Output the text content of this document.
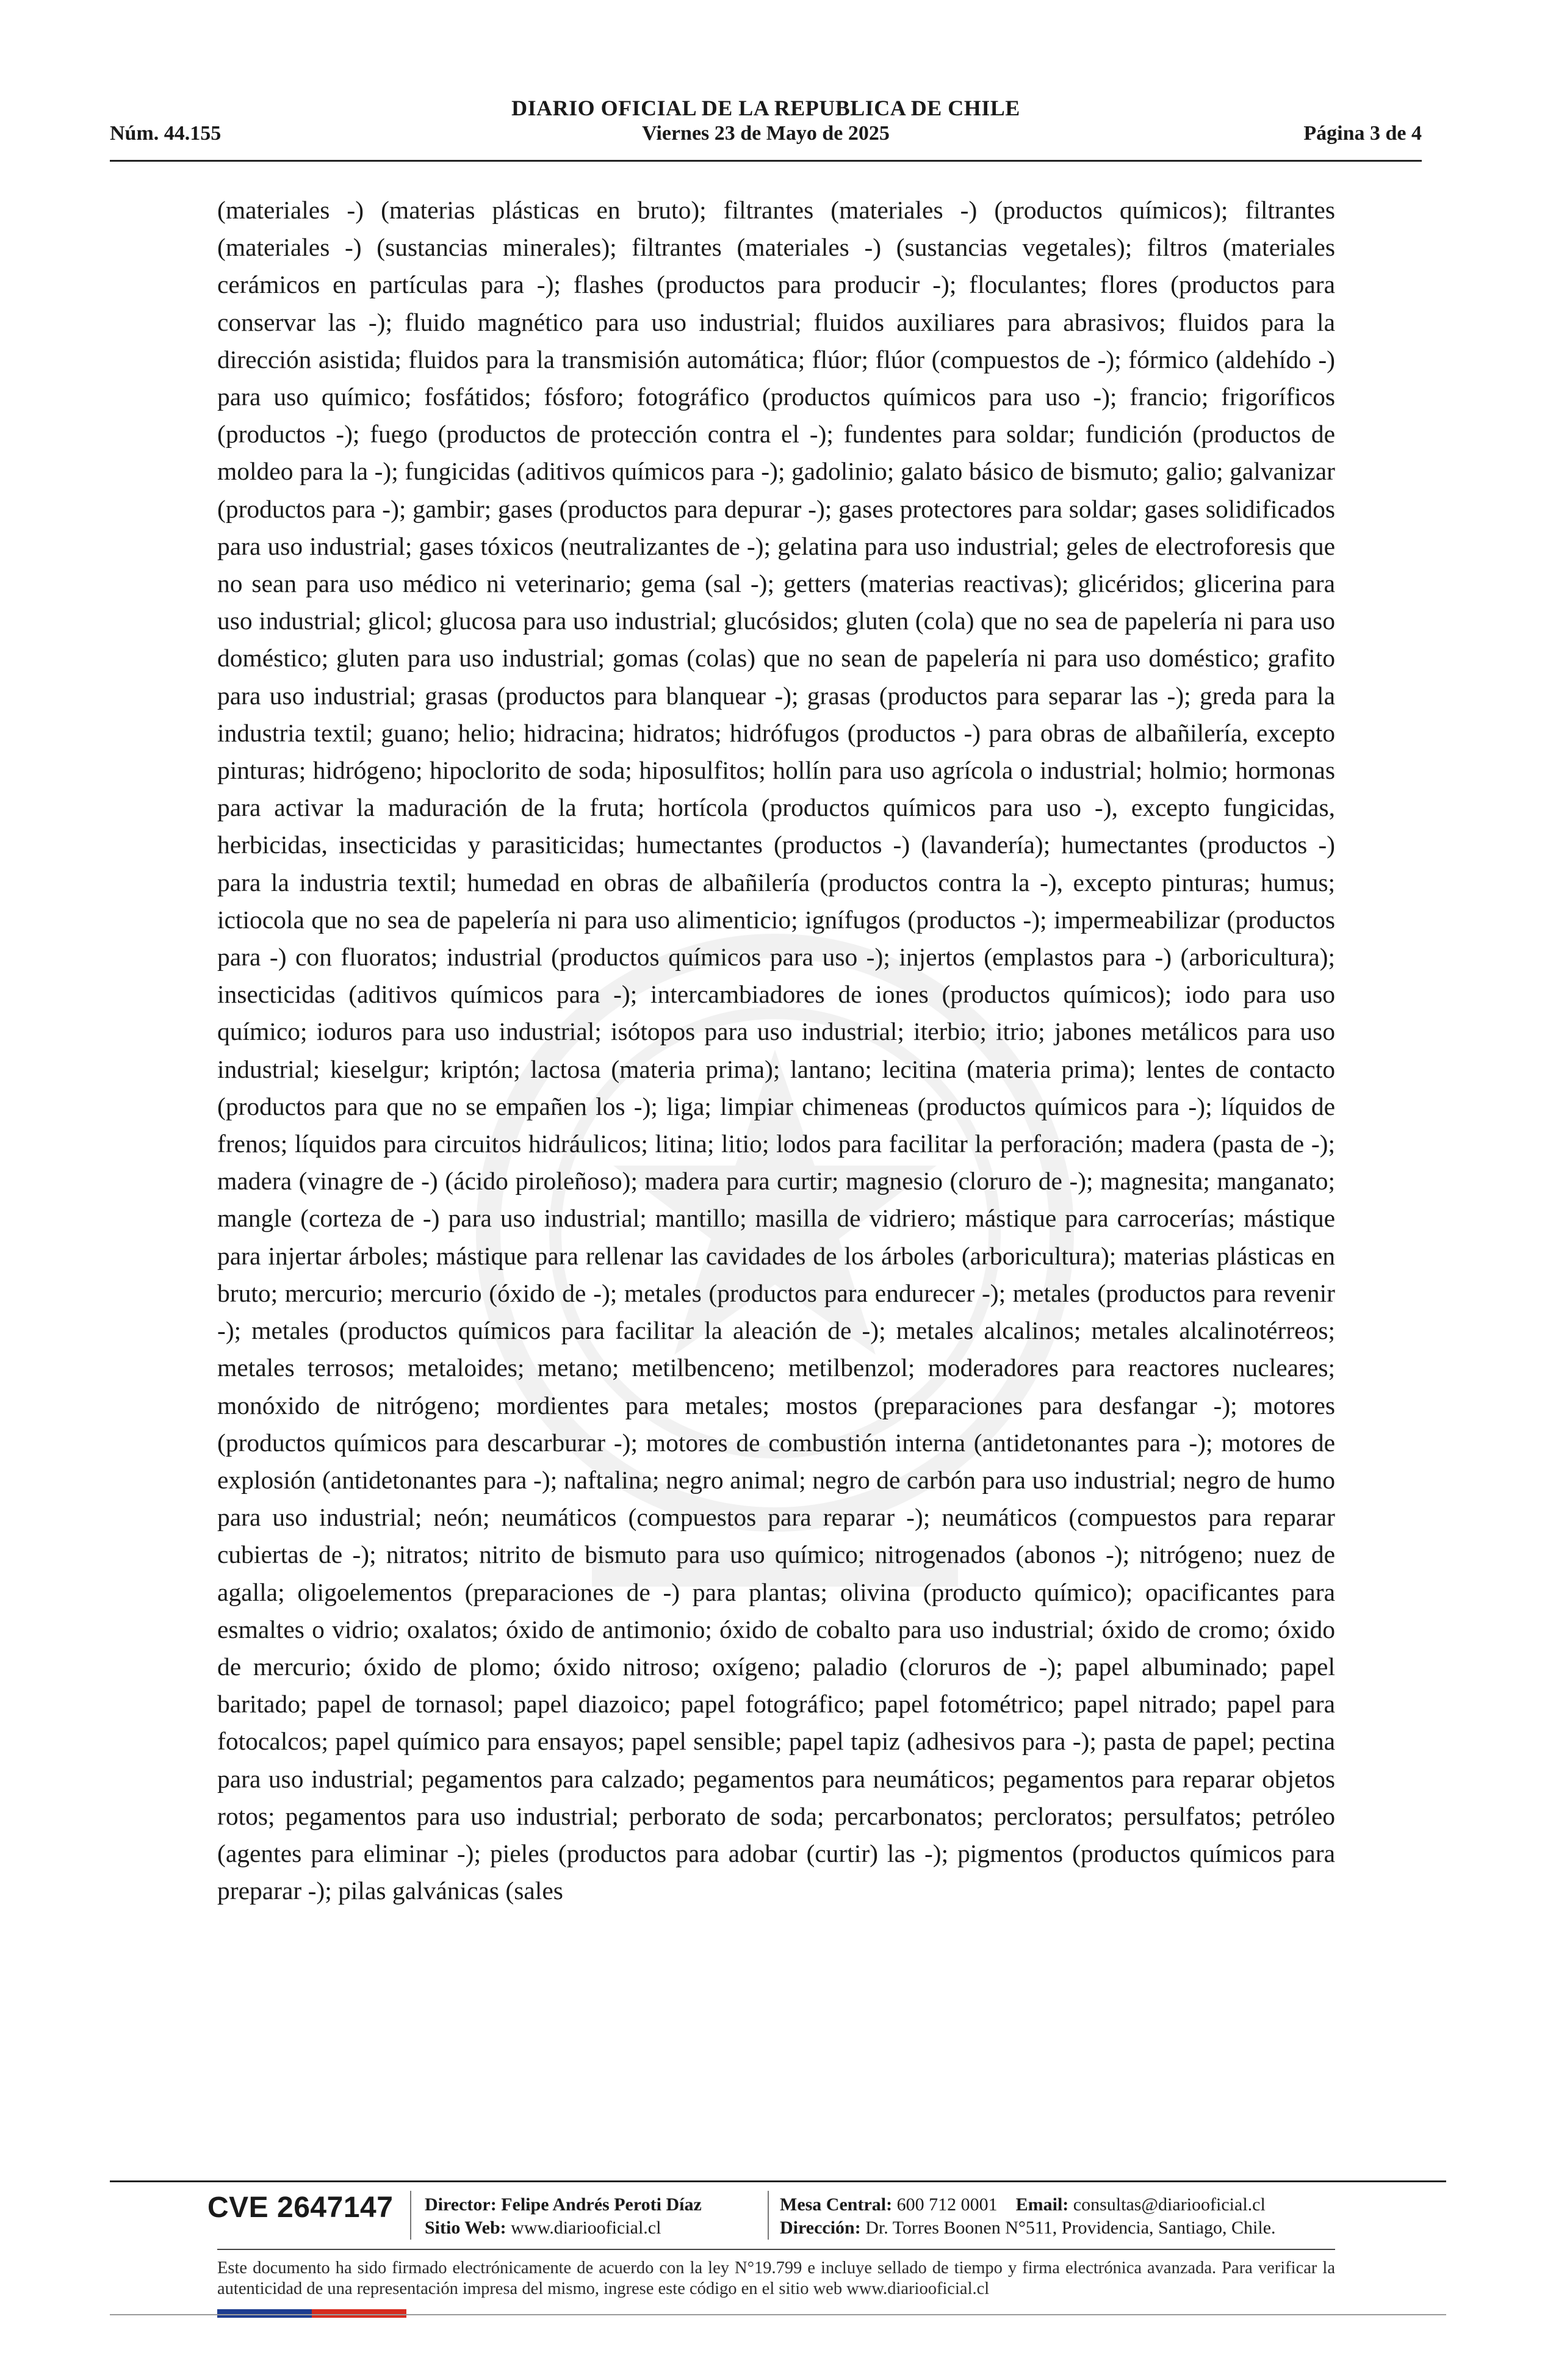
DIARIO OFICIAL DE LA REPUBLICA DE CHILE
Núm. 44.155	Viernes 23 de Mayo de 2025	Página 3 de 4
(materiales -) (materias plásticas en bruto); filtrantes (materiales -) (productos químicos); filtrantes (materiales -) (sustancias minerales); filtrantes (materiales -) (sustancias vegetales); filtros (materiales cerámicos en partículas para -); flashes (productos para producir -); floculantes; flores (productos para conservar las -); fluido magnético para uso industrial; fluidos auxiliares para abrasivos; fluidos para la dirección asistida; fluidos para la transmisión automática; flúor; flúor (compuestos de -); fórmico (aldehído -) para uso químico; fosfátidos; fósforo; fotográfico (productos químicos para uso -); francio; frigoríficos (productos -); fuego (productos de protección contra el -); fundentes para soldar; fundición (productos de moldeo para la -); fungicidas (aditivos químicos para -); gadolinio; galato básico de bismuto; galio; galvanizar (productos para -); gambir; gases (productos para depurar -); gases protectores para soldar; gases solidificados para uso industrial; gases tóxicos (neutralizantes de -); gelatina para uso industrial; geles de electroforesis que no sean para uso médico ni veterinario; gema (sal -); getters (materias reactivas); glicéridos; glicerina para uso industrial; glicol; glucosa para uso industrial; glucósidos; gluten (cola) que no sea de papelería ni para uso doméstico; gluten para uso industrial; gomas (colas) que no sean de papelería ni para uso doméstico; grafito para uso industrial; grasas (productos para blanquear -); grasas (productos para separar las -); greda para la industria textil; guano; helio; hidracina; hidratos; hidrófugos (productos -) para obras de albañilería, excepto pinturas; hidrógeno; hipoclorito de soda; hiposulfitos; hollín para uso agrícola o industrial; holmio; hormonas para activar la maduración de la fruta; hortícola (productos químicos para uso -), excepto fungicidas, herbicidas, insecticidas y parasiticidas; humectantes (productos -) (lavandería); humectantes (productos -) para la industria textil; humedad en obras de albañilería (productos contra la -), excepto pinturas; humus; ictiocola que no sea de papelería ni para uso alimenticio; ignífugos (productos -); impermeabilizar (productos para -) con fluoratos; industrial (productos químicos para uso -); injertos (emplastos para -) (arboricultura); insecticidas (aditivos químicos para -); intercambiadores de iones (productos químicos); iodo para uso químico; ioduros para uso industrial; isótopos para uso industrial; iterbio; itrio; jabones metálicos para uso industrial; kieselgur; kriptón; lactosa (materia prima); lantano; lecitina (materia prima); lentes de contacto (productos para que no se empañen los -); liga; limpiar chimeneas (productos químicos para -); líquidos de frenos; líquidos para circuitos hidráulicos; litina; litio; lodos para facilitar la perforación; madera (pasta de -); madera (vinagre de -) (ácido piroleñoso); madera para curtir; magnesio (cloruro de -); magnesita; manganato; mangle (corteza de -) para uso industrial; mantillo; masilla de vidriero; mástique para carrocerías; mástique para injertar árboles; mástique para rellenar las cavidades de los árboles (arboricultura); materias plásticas en bruto; mercurio; mercurio (óxido de -); metales (productos para endurecer -); metales (productos para revenir -); metales (productos químicos para facilitar la aleación de -); metales alcalinos; metales alcalinotérreos; metales terrosos; metaloides; metano; metilbenceno; metilbenzol; moderadores para reactores nucleares; monóxido de nitrógeno; mordientes para metales; mostos (preparaciones para desfangar -); motores (productos químicos para descarburar -); motores de combustión interna (antidetonantes para -); motores de explosión (antidetonantes para -); naftalina; negro animal; negro de carbón para uso industrial; negro de humo para uso industrial; neón; neumáticos (compuestos para reparar -); neumáticos (compuestos para reparar cubiertas de -); nitratos; nitrito de bismuto para uso químico; nitrogenados (abonos -); nitrógeno; nuez de agalla; oligoelementos (preparaciones de -) para plantas; olivina (producto químico); opacificantes para esmaltes o vidrio; oxalatos; óxido de antimonio; óxido de cobalto para uso industrial; óxido de cromo; óxido de mercurio; óxido de plomo; óxido nitroso; oxígeno; paladio (cloruros de -); papel albuminado; papel baritado; papel de tornasol; papel diazoico; papel fotográfico; papel fotométrico; papel nitrado; papel para fotocalcos; papel químico para ensayos; papel sensible; papel tapiz (adhesivos para -); pasta de papel; pectina para uso industrial; pegamentos para calzado; pegamentos para neumáticos; pegamentos para reparar objetos rotos; pegamentos para uso industrial; perborato de soda; percarbonatos; percloratos; persulfatos; petróleo (agentes para eliminar -); pieles (productos para adobar (curtir) las -); pigmentos (productos químicos para preparar -); pilas galvánicas (sales
CVE 2647147 Director: Felipe Andrés Peroti Díaz
Sitio Web: www.diariooficial.cl
Mesa Central: 600 712 0001 Email: consultas@diariooficial.cl
Dirección: Dr. Torres Boonen N°511, Providencia, Santiago, Chile.
Este documento ha sido firmado electrónicamente de acuerdo con la ley N°19.799 e incluye sellado de tiempo y firma electrónica avanzada. Para verificar la autenticidad de una representación impresa del mismo, ingrese este código en el sitio web www.diariooficial.cl
